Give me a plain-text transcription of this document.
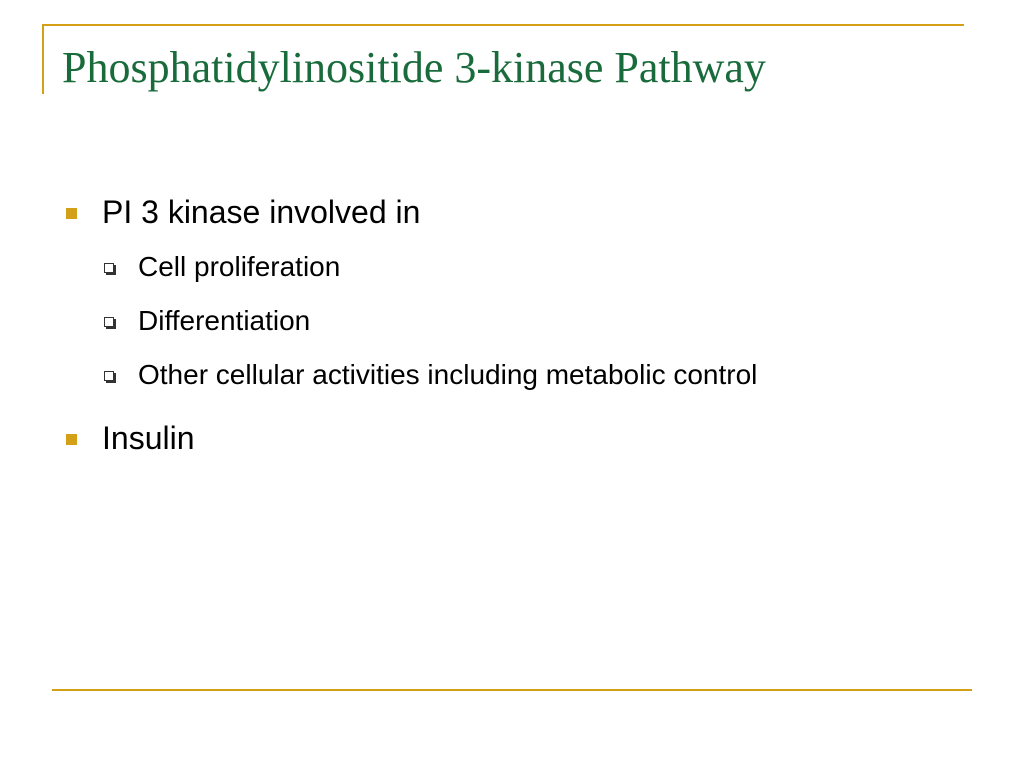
Phosphatidylinositide 3-kinase Pathway
PI 3 kinase involved in
Cell proliferation
Differentiation
Other cellular activities including metabolic control
Insulin
